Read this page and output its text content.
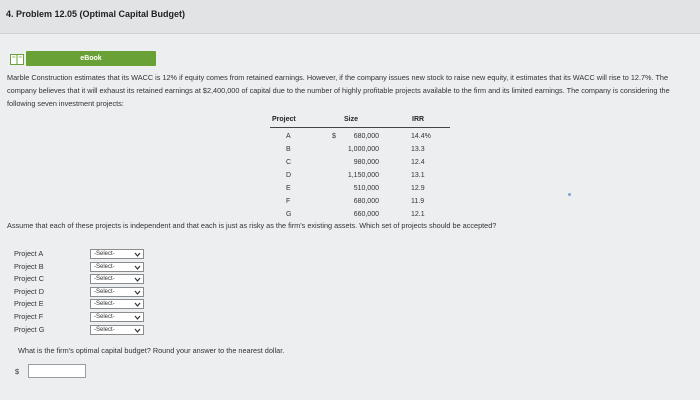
4. Problem 12.05 (Optimal Capital Budget)
eBook
Marble Construction estimates that its WACC is 12% if equity comes from retained earnings. However, if the company issues new stock to raise new equity, it estimates that its WACC will rise to 12.7%. The company believes that it will exhaust its retained earnings at $2,400,000 of capital due to the number of highly profitable projects available to the firm and its limited earnings. The company is considering the following seven investment projects:
Project	Size	IRR
A	$	680,000	14.4%
B	1,000,000	13.3
C	980,000	12.4
D	1,150,000	13.1
E	510,000	12.9
F	680,000	11.9
G	660,000	12.1
Assume that each of these projects is independent and that each is just as risky as the firm's existing assets. Which set of projects should be accepted?
Project A	-Select-
Project B	-Select-
Project C	-Select-
Project D	-Select-
Project E	-Select-
Project F	-Select-
Project G	-Select-
What is the firm's optimal capital budget? Round your answer to the nearest dollar.
$
